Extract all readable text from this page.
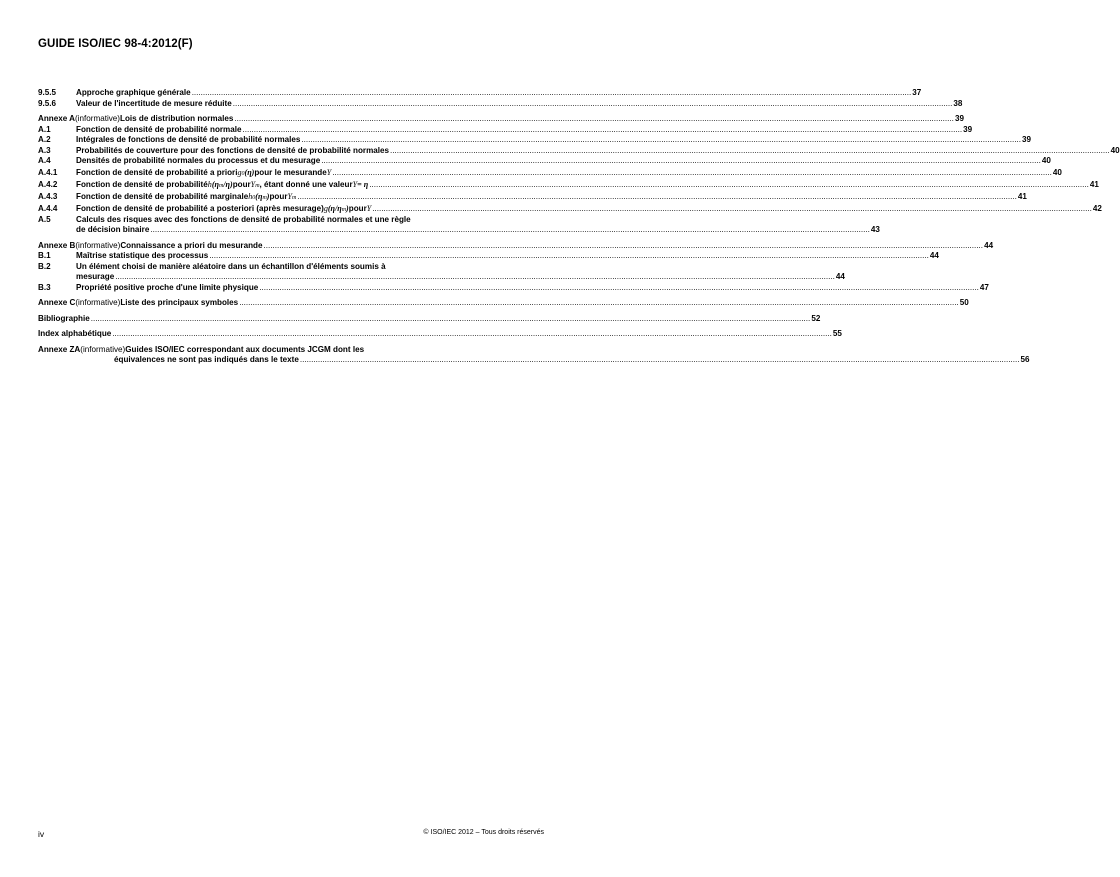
GUIDE ISO/IEC 98-4:2012(F)
9.5.5	Approche graphique générale .....	37
9.5.6	Valeur de l'incertitude de mesure réduite .....	38
Annexe A (informative) Lois de distribution normales .....	39
A.1	Fonction de densité de probabilité normale .....	39
A.2	Intégrales de fonctions de densité de probabilité normales .....	39
A.3	Probabilités de couverture pour des fonctions de densité de probabilité normales .....	40
A.4	Densités de probabilité normales du processus et du mesurage .....	40
A.4.1	Fonction de densité de probabilité a priori g 0 (η) pour le mesurande Y .....	40
A.4.2	Fonction de densité de probabilité h (η m /η) pour Y m , étant donné une valeur Y = η .....	41
A.4.3	Fonction de densité de probabilité marginale h 0 (η m ) pour Y m .....	41
A.4.4	Fonction de densité de probabilité a posteriori (après mesurage) g (η/η m ) pour Y .....	42
A.5	Calculs des risques avec des fonctions de densité de probabilité normales et une règle
de décision binaire .....	43
Annexe B (informative) Connaissance a priori du mesurande .....	44
B.1	Maîtrise statistique des processus .....	44
B.2	Un élément choisi de manière aléatoire dans un échantillon d'éléments soumis à
mesurage .....	44
B.3	Propriété positive proche d'une limite physique .....	47
Annexe C (informative) Liste des principaux symboles .....	50
Bibliographie .....	52
Index alphabétique .....	55
Annexe ZA (informative) Guides ISO/IEC correspondant aux documents JCGM dont les
équivalences ne sont pas indiqués dans le texte .....	56
iv	© ISO/IEC 2012 – Tous droits réservés
